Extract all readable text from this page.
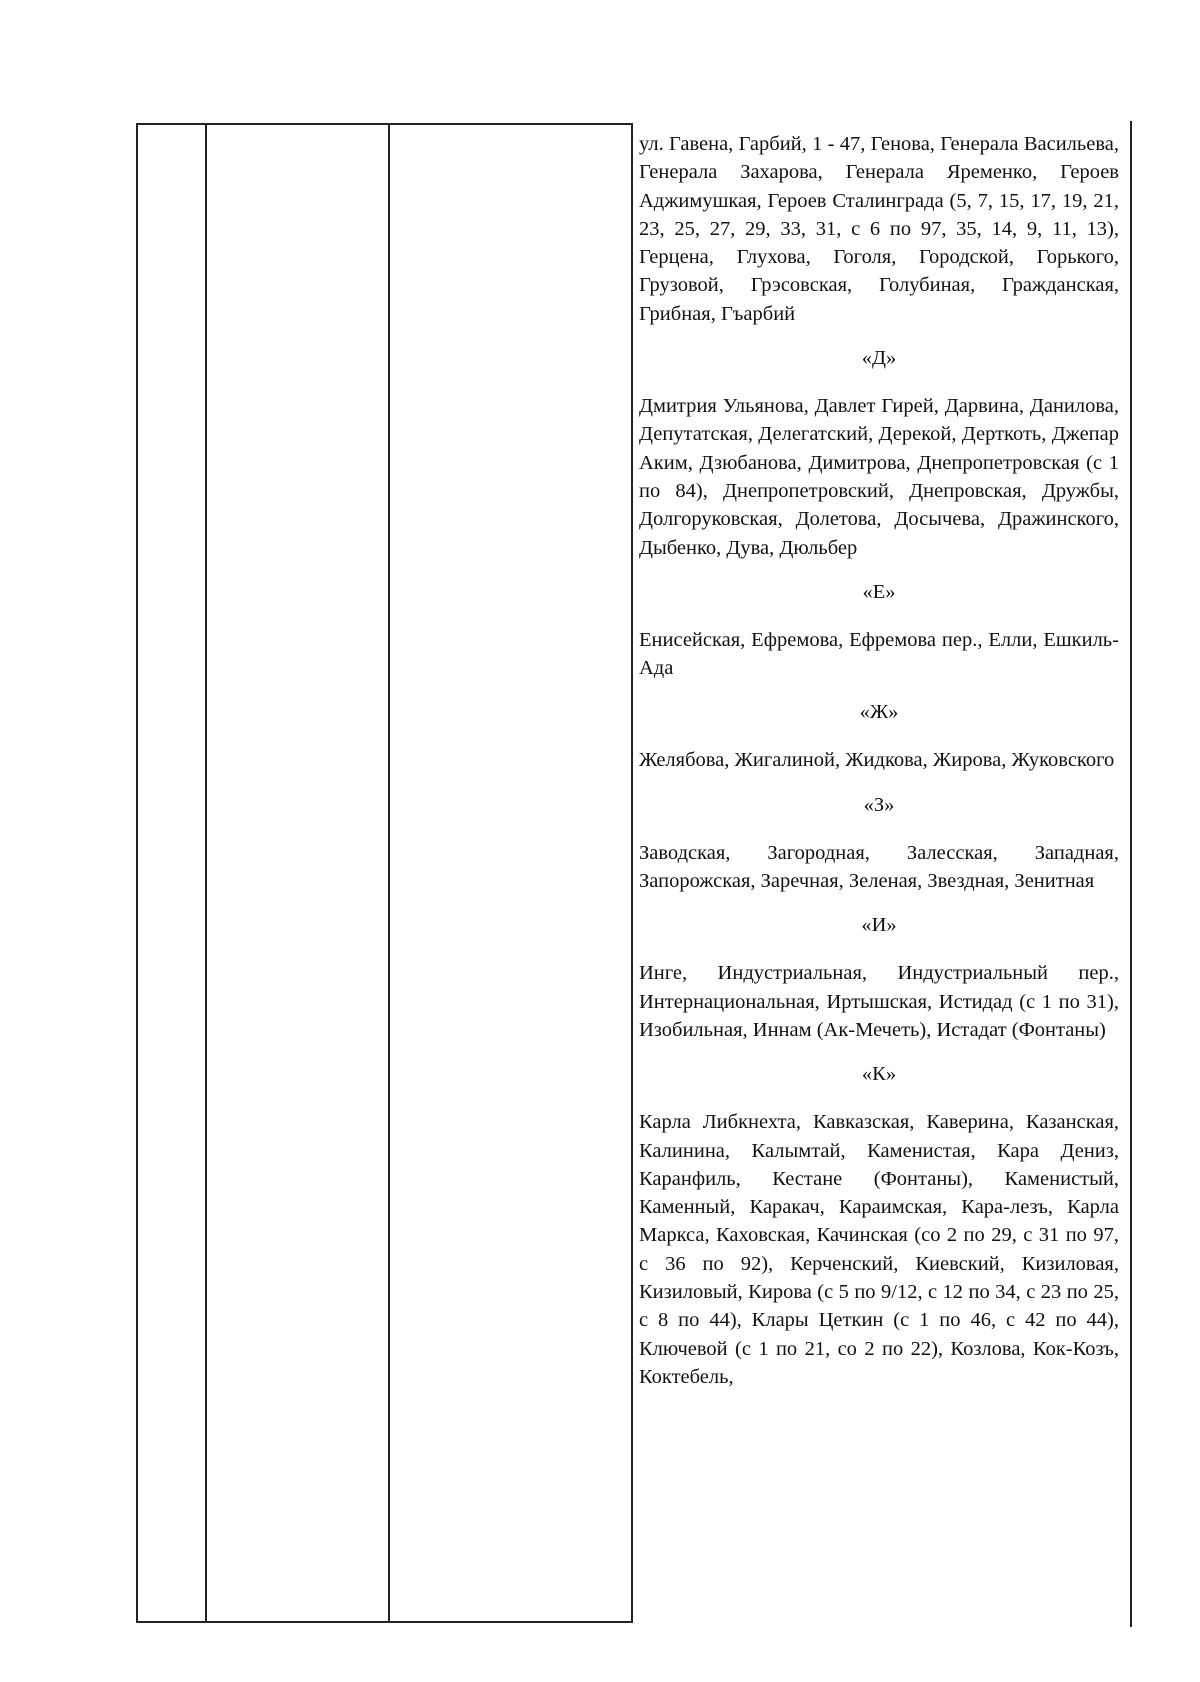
ул. Гавена, Гарбий, 1 - 47, Генова, Генерала Васильева, Генерала Захарова, Генерала Яременко, Героев Аджимушкая, Героев Сталинграда (5, 7, 15, 17, 19, 21, 23, 25, 27, 29, 33, 31, с 6 по 97, 35, 14, 9, 11, 13), Герцена, Глухова, Гоголя, Городской, Горького, Грузовой, Грэсовская, Голубиная, Гражданская, Грибная, Гъарбий

«Д»

Дмитрия Ульянова, Давлет Гирей, Дарвина, Данилова, Депутатская, Делегатский, Дерекой, Дерткоть, Джепар Аким, Дзюбанова, Димитрова, Днепропетровская (с 1 по 84), Днепропетровский, Днепровская, Дружбы, Долгоруковская, Долетова, Досычева, Дражинского, Дыбенко, Дува, Дюльбер

«Е»

Енисейская, Ефремова, Ефремова пер., Елли, Ешкиль-Ада

«Ж»

Желябова, Жигалиной, Жидкова, Жирова, Жуковского

«З»

Заводская, Загородная, Залесская, Западная, Запорожская, Заречная, Зеленая, Звездная, Зенитная

«И»

Инге, Индустриальная, Индустриальный пер., Интернациональная, Иртышская, Истидад (с 1 по 31), Изобильная, Иннам (Ак-Мечеть), Истадат (Фонтаны)

«К»

Карла Либкнехта, Кавказская, Каверина, Казанская, Калинина, Калымтай, Каменистая, Кара Дениз, Каранфиль, Кестане (Фонтаны), Каменистый, Каменный, Каракач, Караимская, Кара-лезъ, Карла Маркса, Каховская, Качинская (со 2 по 29, с 31 по 97, с 36 по 92), Керченский, Киевский, Кизиловая, Кизиловый, Кирова (с 5 по 9/12, с 12 по 34, с 23 по 25, с 8 по 44), Клары Цеткин (с 1 по 46, с 42 по 44), Ключевой (с 1 по 21, со 2 по 22), Козлова, Кок-Козъ, Коктебель,
